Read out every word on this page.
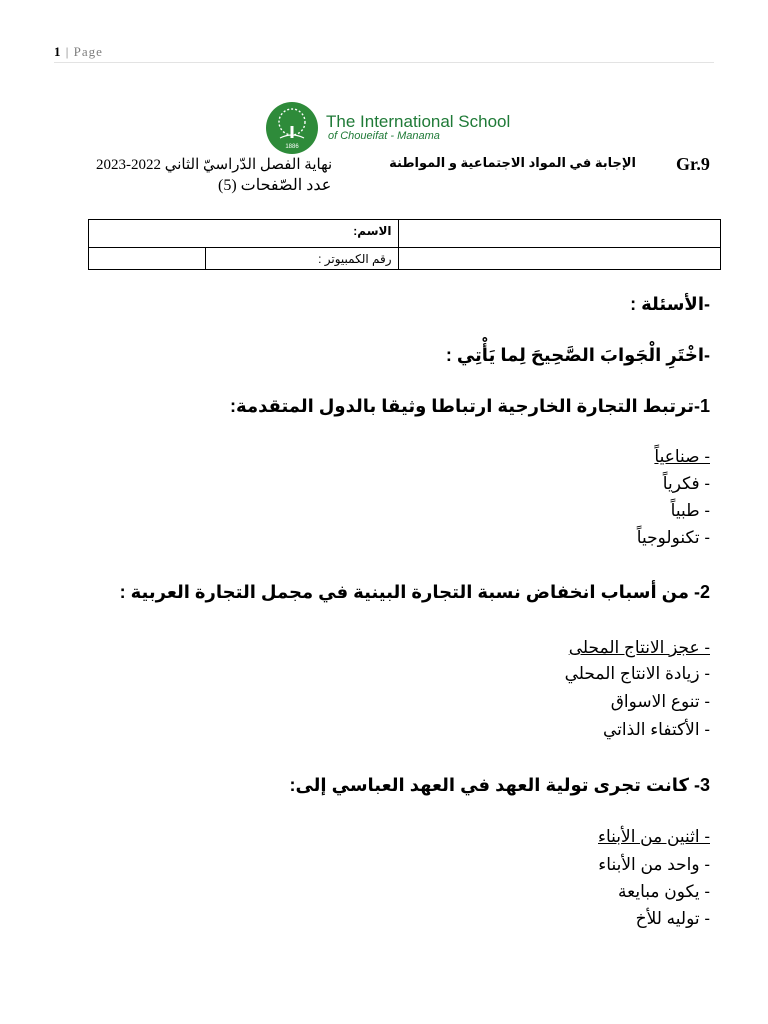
1 | Page
1886
The International School
of Choueifat - Manama
Gr.9
الإجابة في المواد الاجتماعية و المواطنة
نهاية الفصل الدّراسيّ الثاني 2022-2023
عدد الصّفحات (5)
الاسم:		
	رقم الكمبيوتر :	
-الأسئلة :
-اخْتَرِ الْجَوابَ الصَّحِيحَ لِما يَأْتِي :
1-ترتبط التجارة الخارجية ارتباطا وثيقا بالدول المتقدمة:
- صناعياً
- فكرياً
- طبياً
- تكنولوجياً
2- من أسباب انخفاض نسبة التجارة البينية في مجمل التجارة العربية :
- عجز الانتاج المحلى
- زيادة الانتاج المحلي
- تنوع الاسواق
- الأكتفاء الذاتي
3- كانت تجرى تولية العهد في العهد العباسي إلى:
- اثنين من الأبناء
- واحد من الأبناء
- يكون مبايعة
- توليه للأخ
